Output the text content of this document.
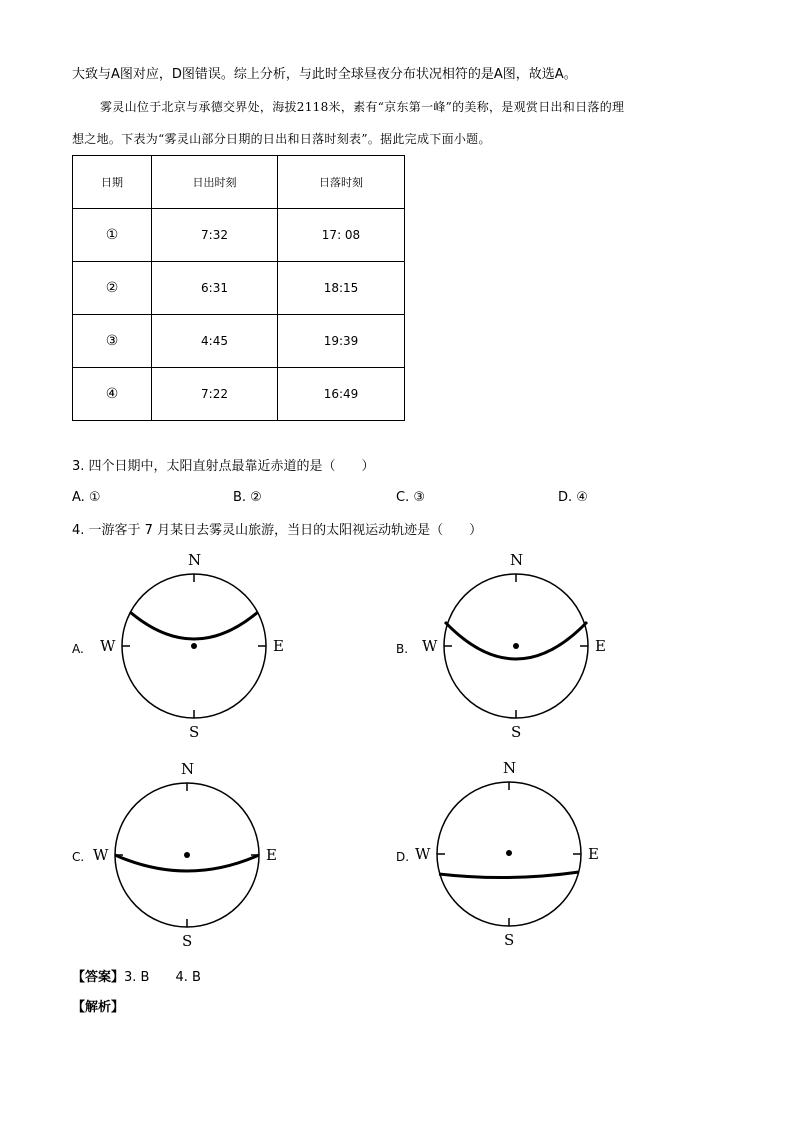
大致与A图对应，D图错误。综上分析，与此时全球昼夜分布状况相符的是A图，故选A。
雾灵山位于北京与承德交界处，海拔2118米，素有“京东第一峰”的美称，是观赏日出和日落的理
想之地。下表为“雾灵山部分日期的日出和日落时刻表”。据此完成下面小题。
日期	日出时刻	日落时刻
①	7:32	17: 08
②	6:31	18:15
③	4:45	19:39
④	7:22	16:49
3. 四个日期中，太阳直射点最靠近赤道的是（　　）
A. ①	B. ②	C. ③	D. ④
4. 一游客于 7 月某日去雾灵山旅游，当日的太阳视运动轨迹是（　　）
A.
N
S
W	E	B.
N
S
W	E
C.
N
S
W	E	D.
N
S
W	E
【答案】3. B　　4. B
【解析】
